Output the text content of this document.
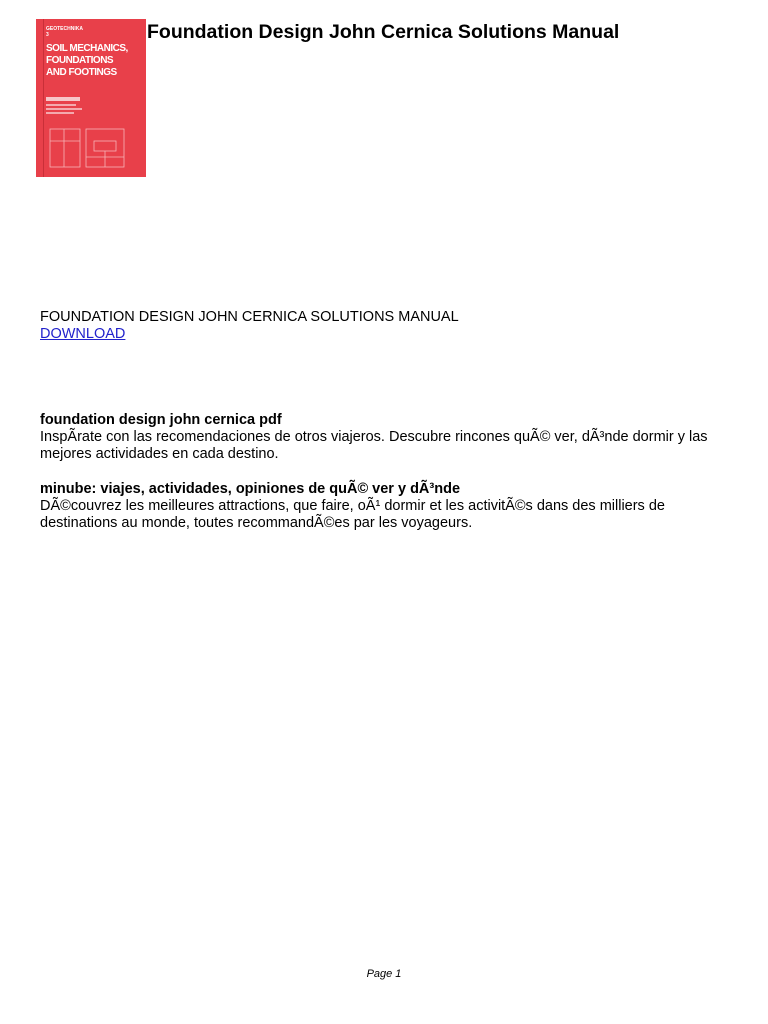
GEOTECHNIKA 3
SOIL MECHANICS,
FOUNDATIONS
AND FOOTINGS
Foundation Design John Cernica Solutions Manual
FOUNDATION DESIGN JOHN CERNICA SOLUTIONS MANUAL
DOWNLOAD
foundation design john cernica pdf

InspÃrate con las recomendaciones de otros viajeros. Descubre rincones quÃ© ver, dÃ³nde dormir y las mejores actividades en cada destino.

minube: viajes, actividades, opiniones de quÃ© ver y dÃ³nde

DÃ©couvrez les meilleures attractions, que faire, oÃ¹ dormir et les activitÃ©s dans des milliers de destinations au monde, toutes recommandÃ©es par les voyageurs.

Page 1
